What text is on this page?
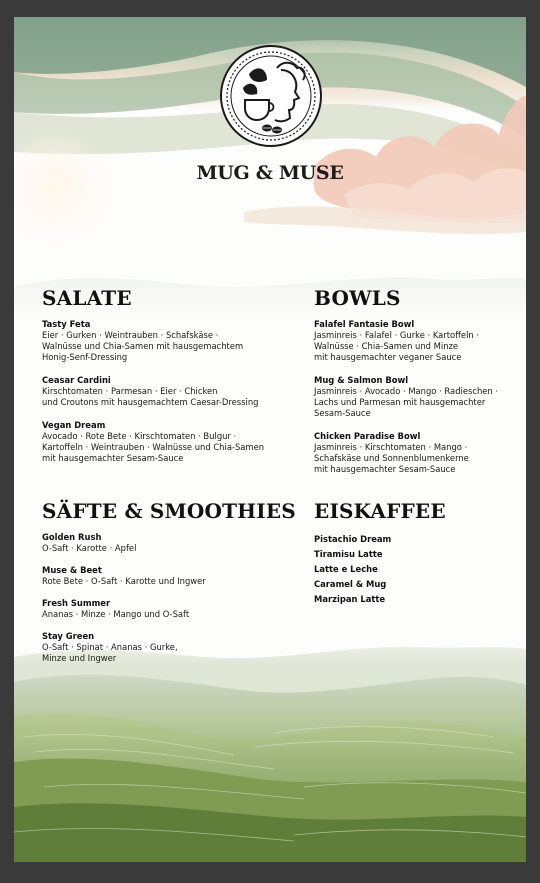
MUG & MUSE
SALATE
Tasty Feta
Eier · Gurken · Weintrauben · Schafskäse ·
Walnüsse und Chia-Samen mit hausgemachtem
Honig-Senf-Dressing
Ceasar Cardini
Kirschtomaten · Parmesan · Eier · Chicken
und Croutons mit hausgemachtem Caesar-Dressing
Vegan Dream
Avocado · Rote Bete · Kirschtomaten · Bulgur ·
Kartoffeln · Weintrauben · Walnüsse und Chia-Samen
mit hausgemachter Sesam-Sauce
BOWLS
Falafel Fantasie Bowl
Jasminreis · Falafel · Gurke · Kartoffeln ·
Walnüsse · Chia-Samen und Minze
mit hausgemachter veganer Sauce
Mug & Salmon Bowl
Jasminreis · Avocado · Mango · Radieschen ·
Lachs und Parmesan mit hausgemachter
Sesam-Sauce
Chicken Paradise Bowl
Jasminreis · Kirschtomaten · Mango ·
Schafskäse und Sonnenblumenkerne
mit hausgemachter Sesam-Sauce
SÄFTE & SMOOTHIES
Golden Rush
O-Saft · Karotte · Apfel
Muse & Beet
Rote Bete · O-Saft · Karotte und Ingwer
Fresh Summer
Ananas · Minze · Mango und O-Saft
Stay Green
O-Saft · Spinat · Ananas · Gurke,
Minze und Ingwer
EISKAFFEE
Pistachio Dream
Tiramisu Latte
Latte e Leche
Caramel & Mug
Marzipan Latte
